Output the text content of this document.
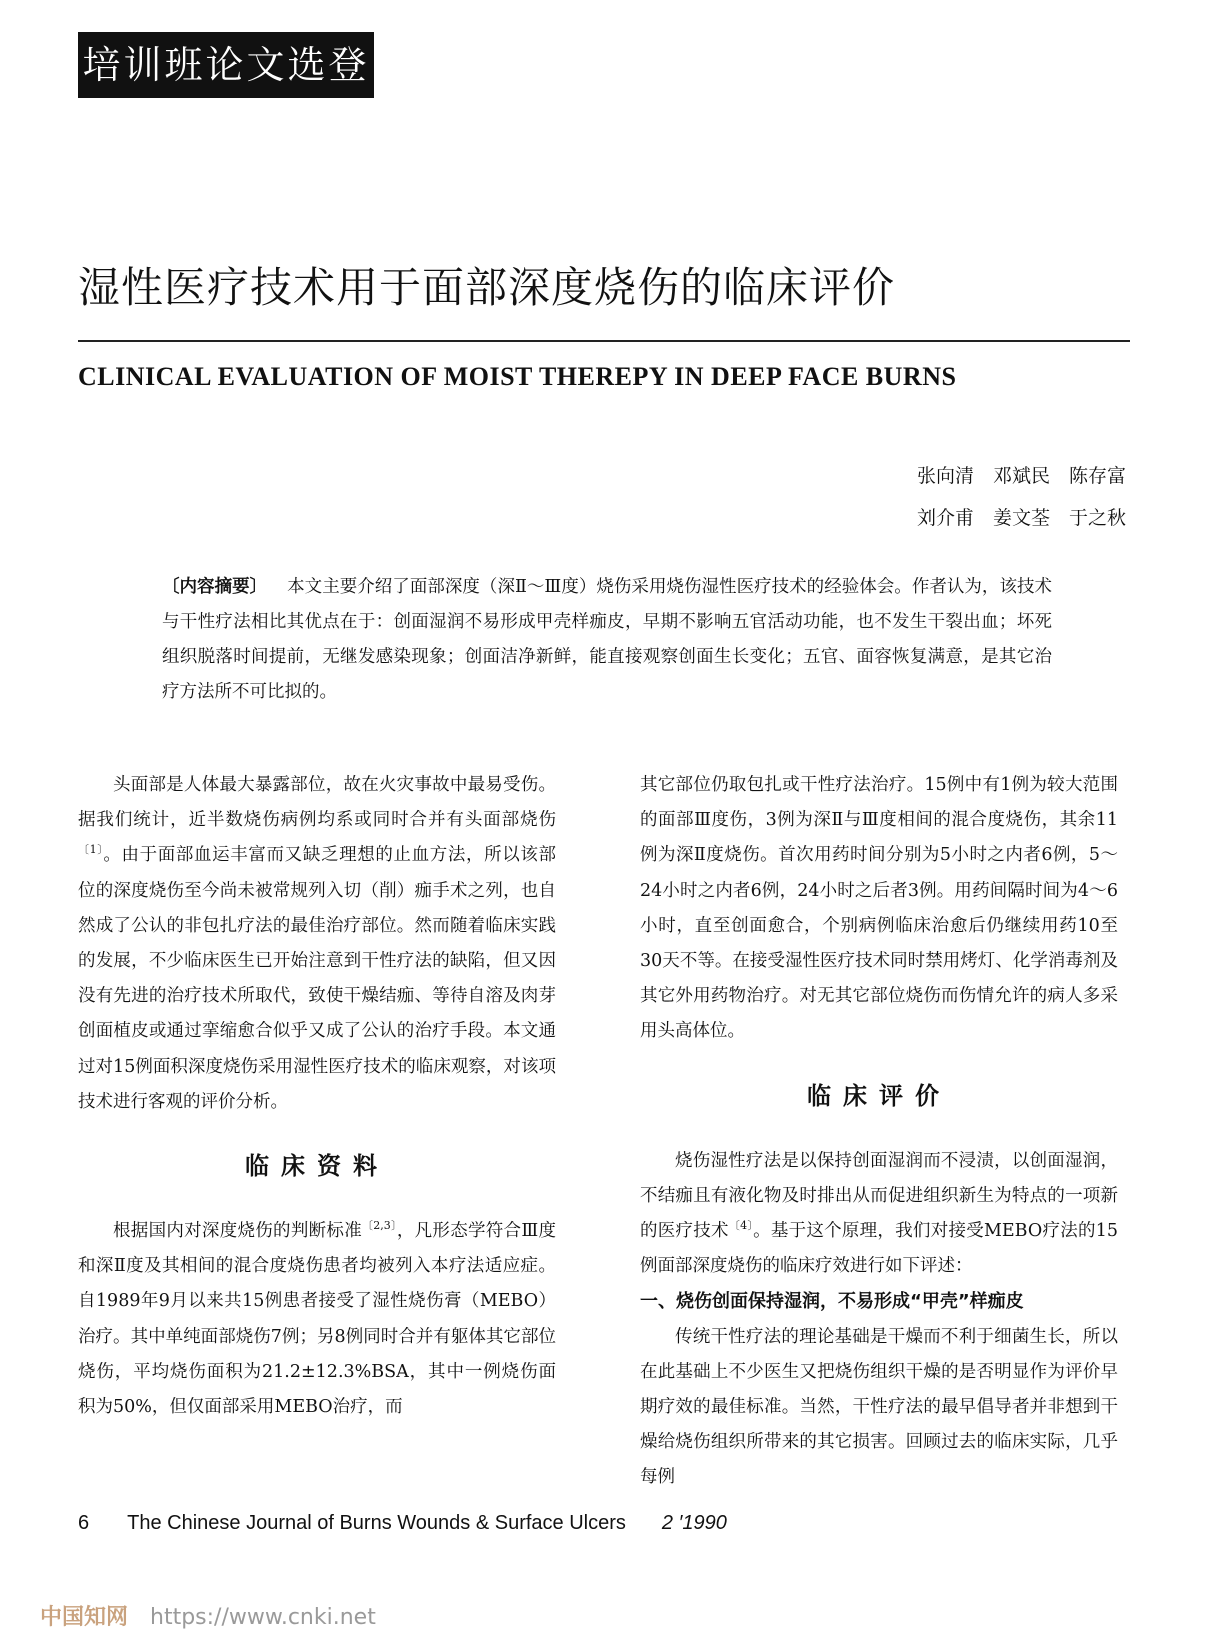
培训班论文选登
湿性医疗技术用于面部深度烧伤的临床评价
CLINICAL EVALUATION OF MOIST THEREPY IN DEEP FACE BURNS
张向清　邓斌民　陈存富
刘介甫　姜文荃　于之秋
〔内容摘要〕 本文主要介绍了面部深度（深Ⅱ～Ⅲ度）烧伤采用烧伤湿性医疗技术的经验体会。作者认为，该技术与干性疗法相比其优点在于：创面湿润不易形成甲壳样痂皮，早期不影响五官活动功能，也不发生干裂出血；坏死组织脱落时间提前，无继发感染现象；创面洁净新鲜，能直接观察创面生长变化；五官、面容恢复满意，是其它治疗方法所不可比拟的。

头面部是人体最大暴露部位，故在火灾事故中最易受伤。据我们统计，近半数烧伤病例均系或同时合并有头面部烧伤$^{〔1〕}$。由于面部血运丰富而又缺乏理想的止血方法，所以该部位的深度烧伤至今尚未被常规列入切（削）痂手术之列，也自然成了公认的非包扎疗法的最佳治疗部位。然而随着临床实践的发展，不少临床医生已开始注意到干性疗法的缺陷，但又因没有先进的治疗技术所取代，致使干燥结痂、等待自溶及肉芽创面植皮或通过挛缩愈合似乎又成了公认的治疗手段。本文通过对15例面积深度烧伤采用湿性医疗技术的临床观察，对该项技术进行客观的评价分析。

临床资料

根据国内对深度烧伤的判断标准$^{〔2,3〕}$，凡形态学符合Ⅲ度和深Ⅱ度及其相间的混合度烧伤患者均被列入本疗法适应症。自1989年9月以来共15例患者接受了湿性烧伤膏（MEBO）治疗。其中单纯面部烧伤7例；另8例同时合并有躯体其它部位烧伤，平均烧伤面积为21.2±12.3%BSA，其中一例烧伤面积为50%，但仅面部采用MEBO治疗，而

其它部位仍取包扎或干性疗法治疗。15例中有1例为较大范围的面部Ⅲ度伤，3例为深Ⅱ与Ⅲ度相间的混合度烧伤，其余11例为深Ⅱ度烧伤。首次用药时间分别为5小时之内者6例，5～24小时之内者6例，24小时之后者3例。用药间隔时间为4～6小时，直至创面愈合，个别病例临床治愈后仍继续用药10至30天不等。在接受湿性医疗技术同时禁用烤灯、化学消毒剂及其它外用药物治疗。对无其它部位烧伤而伤情允许的病人多采用头高体位。

临床评价

烧伤湿性疗法是以保持创面湿润而不浸渍，以创面湿润，不结痂且有液化物及时排出从而促进组织新生为特点的一项新的医疗技术$^{〔4〕}$。基于这个原理，我们对接受MEBO疗法的15例面部深度烧伤的临床疗效进行如下评述：

一、烧伤创面保持湿润，不易形成“甲壳”样痂皮

传统干性疗法的理论基础是干燥而不利于细菌生长，所以在此基础上不少医生又把烧伤组织干燥的是否明显作为评价早期疗效的最佳标准。当然，干性疗法的最早倡导者并非想到干燥给烧伤组织所带来的其它损害。回顾过去的临床实际，几乎每例

6 The Chinese Journal of Burns Wounds & Surface Ulcers 2 ′1990
中国知网 https://www.cnki.net
